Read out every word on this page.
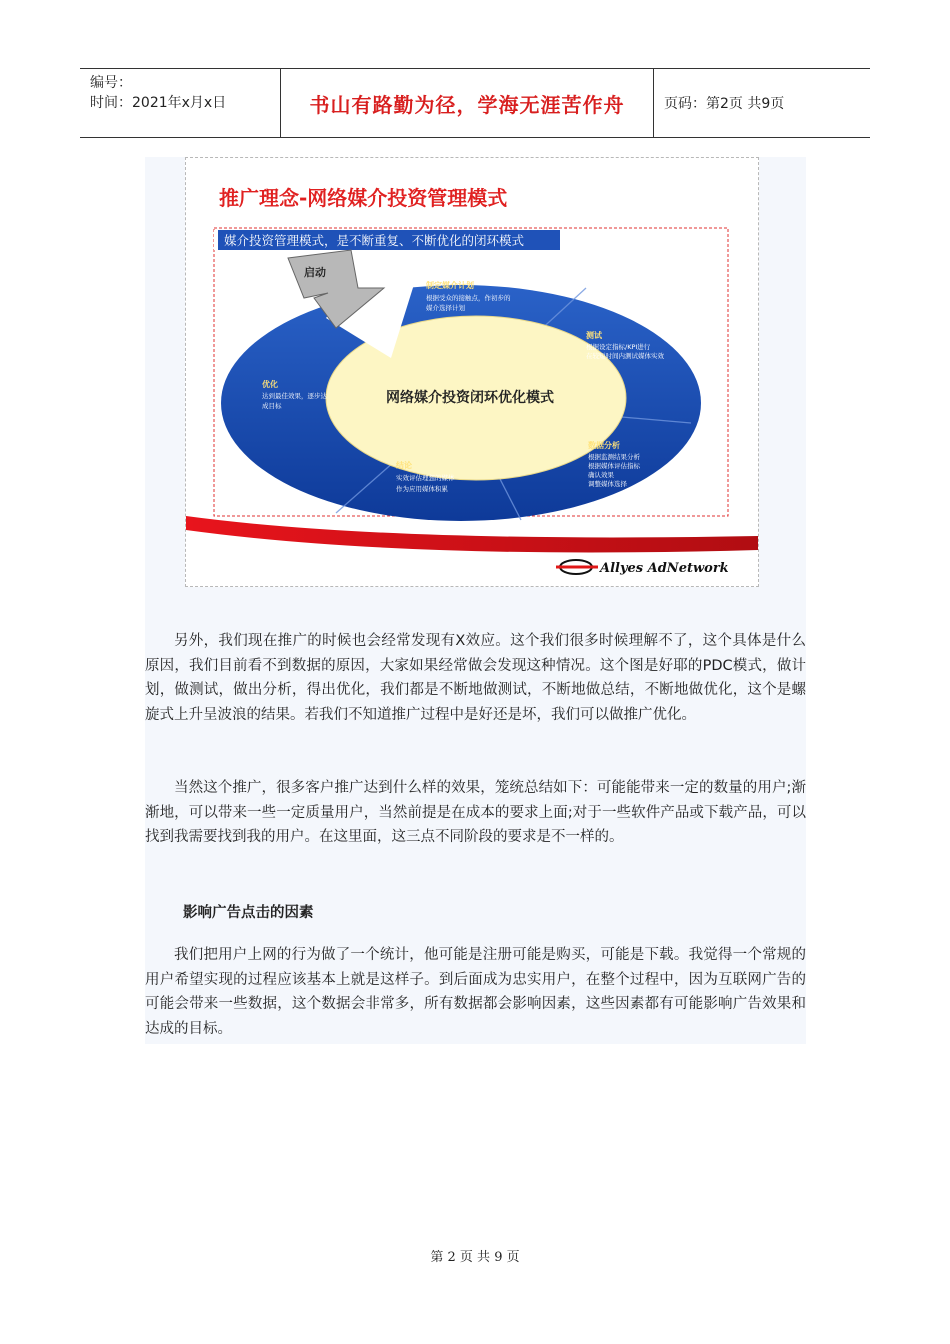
编号：
时间：2021年x月x日	书山有路勤为径，学海无涯苦作舟	页码：第2页 共9页
推广理念-网络媒介投资管理模式
媒介投资管理模式，是不断重复、不断优化的闭环模式
启动
网络媒介投资闭环优化模式
制定媒介计划
根据受众的接触点，作初步的
媒介选择计划
测试
根据设定指标/KPI进行
在较短时间内测试媒体实效
数据分析
根据监测结果分析
根据媒体评估指标
确认效果
调整媒体选择
结论
实效评估理想的媒体
作为应用媒体积累
优化
达到最佳效果，逐步达
成目标
Allyes AdNetwork

另外，我们现在推广的时候也会经常发现有X效应。这个我们很多时候理解不了，这个具体是什么原因，我们目前看不到数据的原因，大家如果经常做会发现这种情况。这个图是好耶的PDC模式，做计划，做测试，做出分析，得出优化，我们都是不断地做测试，不断地做总结，不断地做优化，这个是螺旋式上升呈波浪的结果。若我们不知道推广过程中是好还是坏，我们可以做推广优化。

当然这个推广，很多客户推广达到什么样的效果，笼统总结如下：可能能带来一定的数量的用户;渐渐地，可以带来一些一定质量用户，当然前提是在成本的要求上面;对于一些软件产品或下载产品，可以找到我需要找到我的用户。在这里面，这三点不同阶段的要求是不一样的。

影响广告点击的因素

我们把用户上网的行为做了一个统计，他可能是注册可能是购买，可能是下载。我觉得一个常规的用户希望实现的过程应该基本上就是这样子。到后面成为忠实用户，在整个过程中，因为互联网广告的可能会带来一些数据，这个数据会非常多，所有数据都会影响因素，这些因素都有可能影响广告效果和达成的目标。

第 2 页 共 9 页
